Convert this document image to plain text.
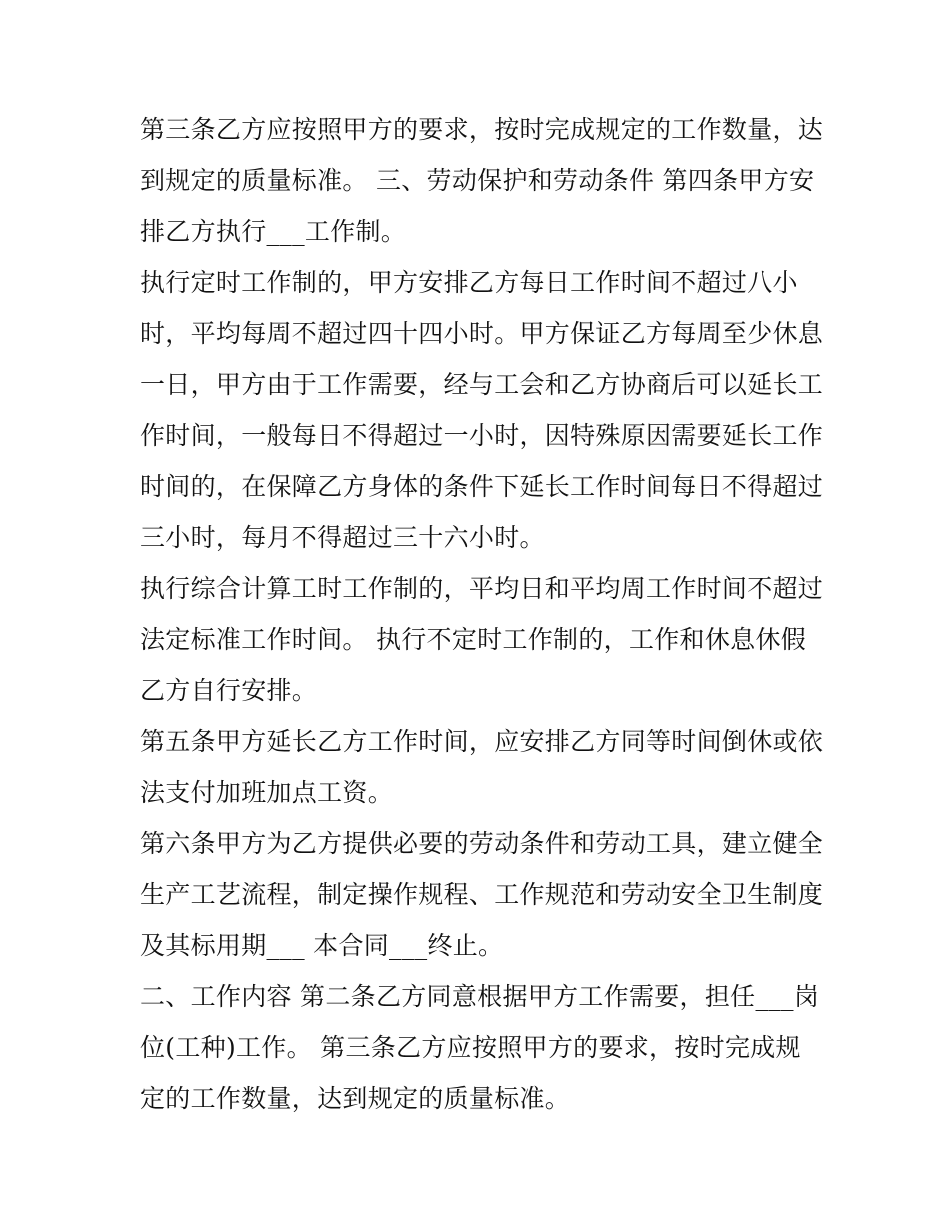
第三条乙方应按照甲方的要求，按时完成规定的工作数量，达
到规定的质量标准。 三、劳动保护和劳动条件 第四条甲方安
排乙方执行___工作制。
执行定时工作制的，甲方安排乙方每日工作时间不超过八小
时，平均每周不超过四十四小时。甲方保证乙方每周至少休息
一日，甲方由于工作需要，经与工会和乙方协商后可以延长工
作时间，一般每日不得超过一小时，因特殊原因需要延长工作
时间的，在保障乙方身体的条件下延长工作时间每日不得超过
三小时，每月不得超过三十六小时。
执行综合计算工时工作制的，平均日和平均周工作时间不超过
法定标准工作时间。 执行不定时工作制的，工作和休息休假
乙方自行安排。
第五条甲方延长乙方工作时间，应安排乙方同等时间倒休或依
法支付加班加点工资。
第六条甲方为乙方提供必要的劳动条件和劳动工具，建立健全
生产工艺流程，制定操作规程、工作规范和劳动安全卫生制度
及其标用期___ 本合同___终止。
二、工作内容 第二条乙方同意根据甲方工作需要，担任___岗
位(工种)工作。 第三条乙方应按照甲方的要求，按时完成规
定的工作数量，达到规定的质量标准。
